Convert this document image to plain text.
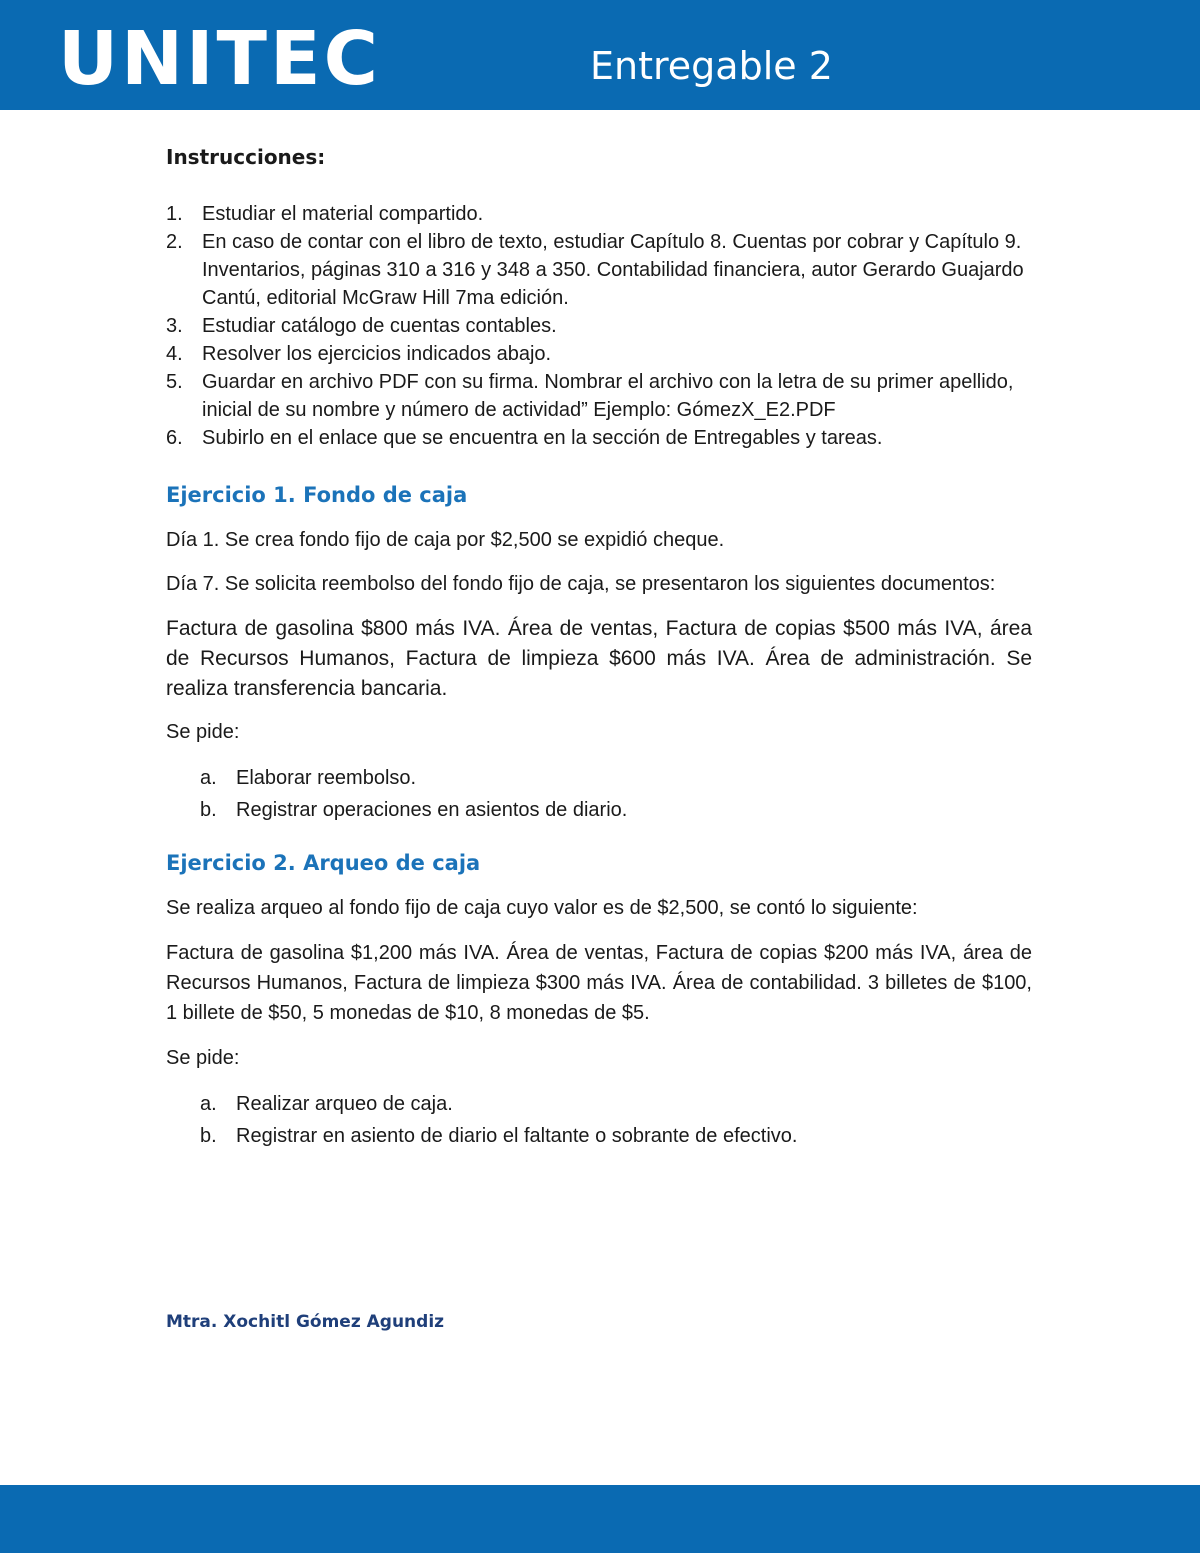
UNITEC	Entregable 2
Instrucciones:
1. Estudiar el material compartido.
2. En caso de contar con el libro de texto, estudiar Capítulo 8. Cuentas por cobrar y Capítulo 9. Inventarios, páginas 310 a 316 y 348 a 350. Contabilidad financiera, autor Gerardo Guajardo Cantú, editorial McGraw Hill 7ma edición.
3. Estudiar catálogo de cuentas contables.
4. Resolver los ejercicios indicados abajo.
5. Guardar en archivo PDF con su firma. Nombrar el archivo con la letra de su primer apellido, inicial de su nombre y número de actividad” Ejemplo: GómezX_E2.PDF
6. Subirlo en el enlace que se encuentra en la sección de Entregables y tareas.
Ejercicio 1. Fondo de caja

Día 1. Se crea fondo fijo de caja por $2,500 se expidió cheque.

Día 7. Se solicita reembolso del fondo fijo de caja, se presentaron los siguientes documentos:

Factura de gasolina $800 más IVA. Área de ventas, Factura de copias $500 más IVA, área de Recursos Humanos, Factura de limpieza $600 más IVA. Área de administración. Se realiza transferencia bancaria.

Se pide:

a. Elaborar reembolso.
b. Registrar operaciones en asientos de diario.
Ejercicio 2. Arqueo de caja

Se realiza arqueo al fondo fijo de caja cuyo valor es de $2,500, se contó lo siguiente:

Factura de gasolina $1,200 más IVA. Área de ventas, Factura de copias $200 más IVA, área de Recursos Humanos, Factura de limpieza $300 más IVA. Área de contabilidad. 3 billetes de $100, 1 billete de $50, 5 monedas de $10, 8 monedas de $5.

Se pide:

a. Realizar arqueo de caja.
b. Registrar en asiento de diario el faltante o sobrante de efectivo.
Mtra. Xochitl Gómez Agundiz
